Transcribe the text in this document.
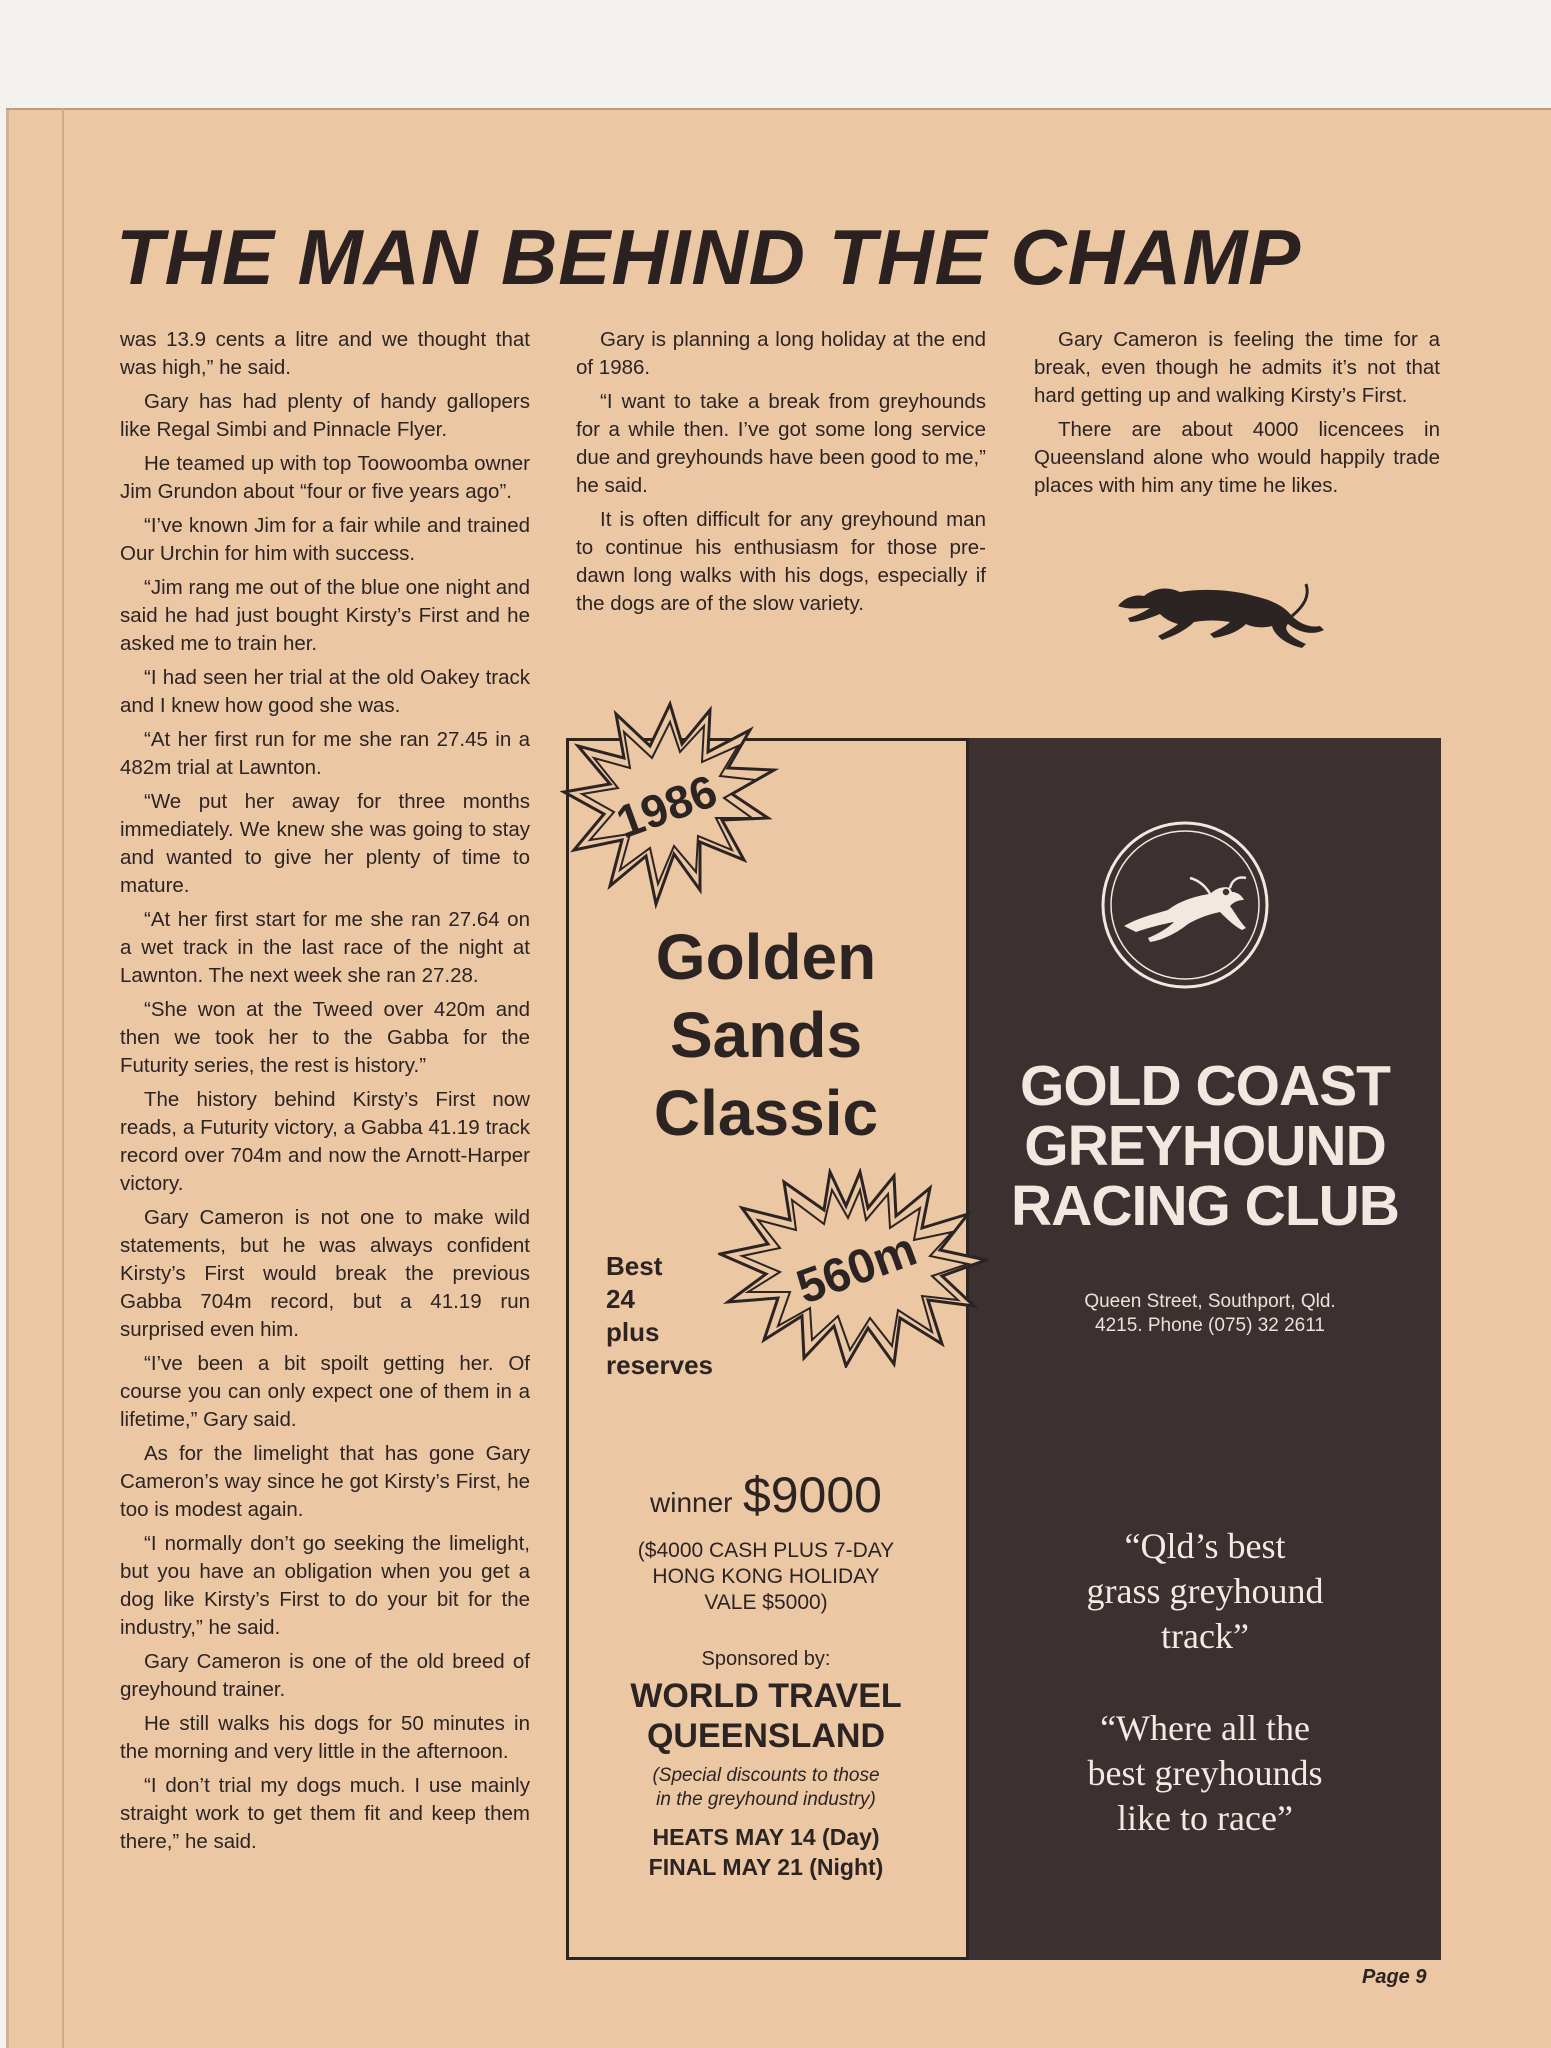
THE MAN BEHIND THE CHAMP

was 13.9 cents a litre and we thought that was high,” he said.

Gary has had plenty of handy gallopers like Regal Simbi and Pinnacle Flyer.

He teamed up with top Toowoomba owner Jim Grundon about “four or five years ago”.

“I’ve known Jim for a fair while and trained Our Urchin for him with success.

“Jim rang me out of the blue one night and said he had just bought Kirsty’s First and he asked me to train her.

“I had seen her trial at the old Oakey track and I knew how good she was.

“At her first run for me she ran 27.45 in a 482m trial at Lawnton.

“We put her away for three months immediately. We knew she was going to stay and wanted to give her plenty of time to mature.

“At her first start for me she ran 27.64 on a wet track in the last race of the night at Lawnton. The next week she ran 27.28.

“She won at the Tweed over 420m and then we took her to the Gabba for the Futurity series, the rest is history.”

The history behind Kirsty’s First now reads, a Futurity victory, a Gabba 41.19 track record over 704m and now the Arnott-Harper victory.

Gary Cameron is not one to make wild statements, but he was always confident Kirsty’s First would break the previous Gabba 704m record, but a 41.19 run surprised even him.

“I’ve been a bit spoilt getting her. Of course you can only expect one of them in a lifetime,” Gary said.

As for the limelight that has gone Gary Cameron’s way since he got Kirsty’s First, he too is modest again.

“I normally don’t go seeking the limelight, but you have an obligation when you get a dog like Kirsty’s First to do your bit for the industry,” he said.

Gary Cameron is one of the old breed of greyhound trainer.

He still walks his dogs for 50 minutes in the morning and very little in the afternoon.

“I don’t trial my dogs much. I use mainly straight work to get them fit and keep them there,” he said.

Gary is planning a long holiday at the end of 1986.

“I want to take a break from greyhounds for a while then. I’ve got some long service due and greyhounds have been good to me,” he said.

It is often difficult for any greyhound man to continue his enthusiasm for those pre-dawn long walks with his dogs, especially if the dogs are of the slow variety.

Gary Cameron is feeling the time for a break, even though he admits it’s not that hard getting up and walking Kirsty’s First.

There are about 4000 licencees in Queensland alone who would happily trade places with him any time he likes.

1986
Golden
Sands
Classic
560m
Best
24
plus
reserves
winner $9000
($4000 CASH PLUS 7-DAY
HONG KONG HOLIDAY
VALE $5000)
Sponsored by:
WORLD TRAVEL
QUEENSLAND
(Special discounts to those
in the greyhound industry)
HEATS MAY 14 (Day)
FINAL MAY 21 (Night)
GOLD COAST
GREYHOUND
RACING CLUB
Queen Street, Southport, Qld.
4215. Phone (075) 32 2611
“Qld’s best
grass greyhound
track”
“Where all the
best greyhounds
like to race”
Page 9
